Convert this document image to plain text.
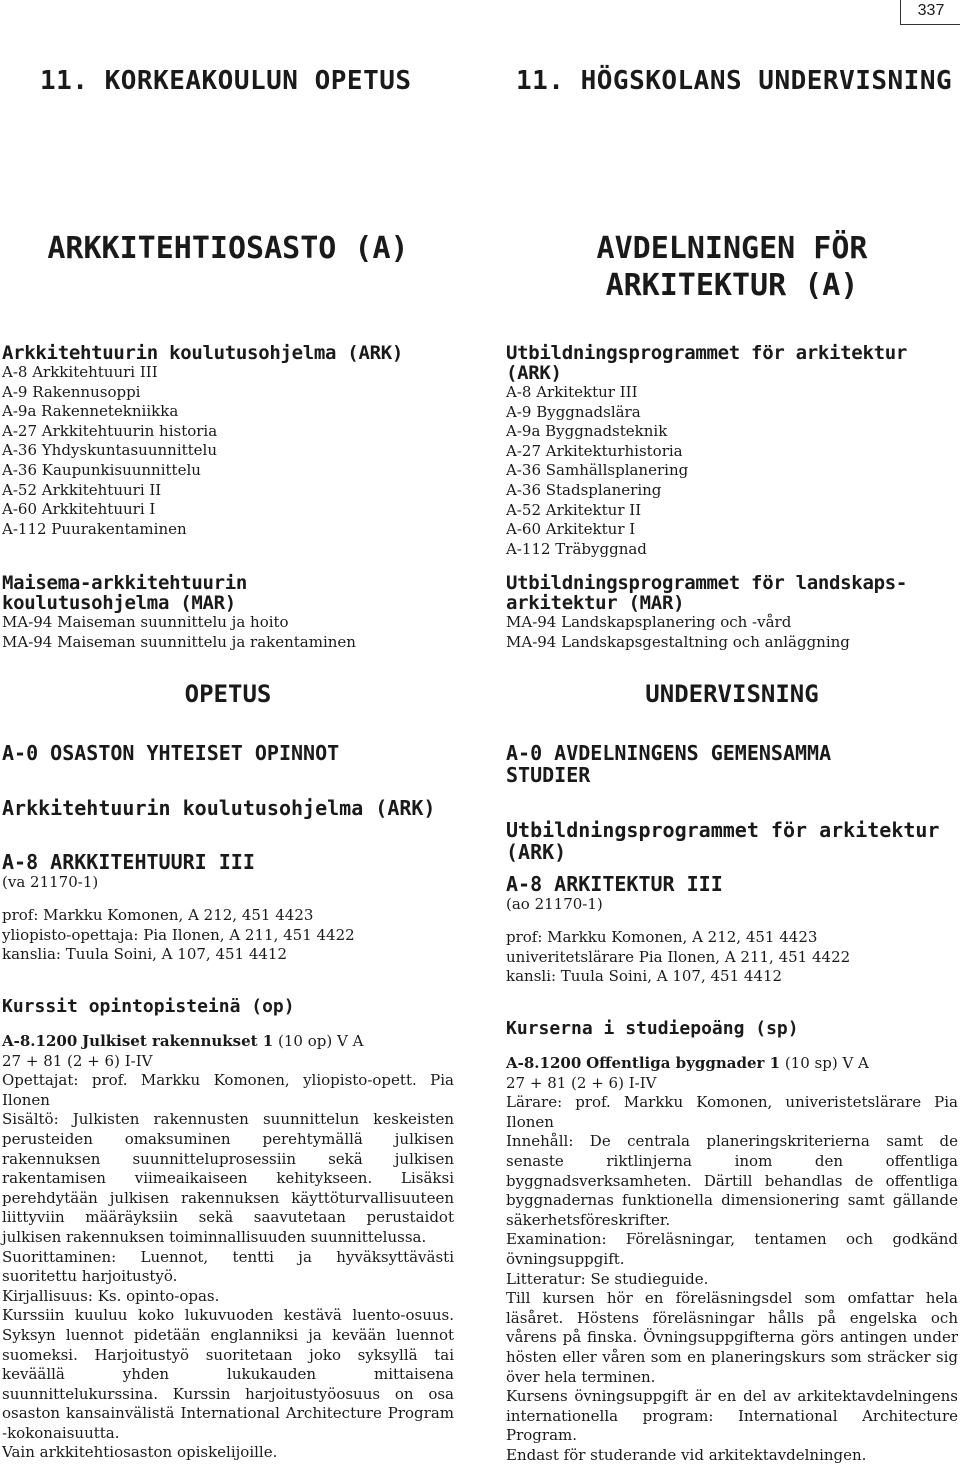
337
11. KORKEAKOULUN OPETUS
ARKKITEHTIOSASTO (A)
Arkkitehtuurin koulutusohjelma (ARK)

A-8 Arkkitehtuuri III

A-9 Rakennusoppi

A-9a Rakennetekniikka

A-27 Arkkitehtuurin historia

A-36 Yhdyskuntasuunnittelu

A-36 Kaupunkisuunnittelu

A-52 Arkkitehtuuri II

A-60 Arkkitehtuuri I

A-112 Puurakentaminen

Maisema-arkkitehtuurin koulutusohjelma (MAR)

MA-94 Maiseman suunnittelu ja hoito

MA-94 Maiseman suunnittelu ja rakentaminen

OPETUS
A-0 OSASTON YHTEISET OPINNOT
Arkkitehtuurin koulutusohjelma (ARK)
A-8 ARKKITEHTUURI III
(va 21170-1)

prof: Markku Komonen, A 212, 451 4423

yliopisto-opettaja: Pia Ilonen, A 211, 451 4422

kanslia: Tuula Soini, A 107, 451 4412

Kurssit opintopisteinä (op)

A-8.1200 Julkiset rakennukset 1 (10 op) V A

27 + 81 (2 + 6) I-IV

Opettajat: prof. Markku Komonen, yliopisto-opett. Pia Ilonen

Sisältö: Julkisten rakennusten suunnittelun keskeisten perusteiden omaksuminen perehtymällä julkisen rakennuksen suunnitteluprosessiin sekä julkisen rakentamisen viimeaikaiseen kehitykseen. Lisäksi perehdytään julkisen rakennuksen käyttöturvallisuuteen liittyviin määräyksiin sekä saavutetaan perustaidot julkisen rakennuksen toiminnallisuuden suunnittelussa.

Suorittaminen: Luennot, tentti ja hyväksyttävästi suoritettu harjoitustyö.

Kirjallisuus: Ks. opinto-opas.

Kurssiin kuuluu koko lukuvuoden kestävä luento-osuus. Syksyn luennot pidetään englanniksi ja kevään luennot suomeksi. Harjoitustyö suoritetaan joko syksyllä tai keväällä yhden lukukauden mittaisena suunnittelukurssina. Kurssin harjoitustyöosuus on osa osaston kansainvälistä International Architecture Program -kokonaisuutta.

Vain arkkitehtiosaston opiskelijoille.

11. HÖGSKOLANS UNDERVISNING
AVDELNINGEN FÖR
ARKITEKTUR (A)
Utbildningsprogrammet för arkitektur (ARK)

A-8 Arkitektur III

A-9 Byggnadslära

A-9a Byggnadsteknik

A-27 Arkitekturhistoria

A-36 Samhällsplanering

A-36 Stadsplanering

A-52 Arkitektur II

A-60 Arkitektur I

A-112 Träbyggnad

Utbildningsprogrammet för landskaps-
arkitektur (MAR)

MA-94 Landskapsplanering och -vård

MA-94 Landskapsgestaltning och anläggning

UNDERVISNING
A-0 AVDELNINGENS GEMENSAMMA
STUDIER
Utbildningsprogrammet för arkitektur (ARK)
A-8 ARKITEKTUR III
(ao 21170-1)

prof: Markku Komonen, A 212, 451 4423

univeritetslärare Pia Ilonen, A 211, 451 4422

kansli: Tuula Soini, A 107, 451 4412

Kurserna i studiepoäng (sp)

A-8.1200 Offentliga byggnader 1 (10 sp) V A

27 + 81 (2 + 6) I-IV

Lärare: prof. Markku Komonen, univeristetslärare Pia Ilonen

Innehåll: De centrala planeringskriterierna samt de senaste riktlinjerna inom den offentliga byggnadsverksamheten. Därtill behandlas de offentliga byggnadernas funktionella dimensionering samt gällande säkerhetsföreskrifter.

Examination: Föreläsningar, tentamen och godkänd övningsuppgift.

Litteratur: Se studieguide.

Till kursen hör en föreläsningsdel som omfattar hela läsåret. Höstens föreläsningar hålls på engelska och vårens på finska. Övningsuppgifterna görs antingen under hösten eller våren som en planeringskurs som sträcker sig över hela terminen.

Kursens övningsuppgift är en del av arkitektavdelningens internationella program: International Architecture Program.

Endast för studerande vid arkitektavdelningen.
